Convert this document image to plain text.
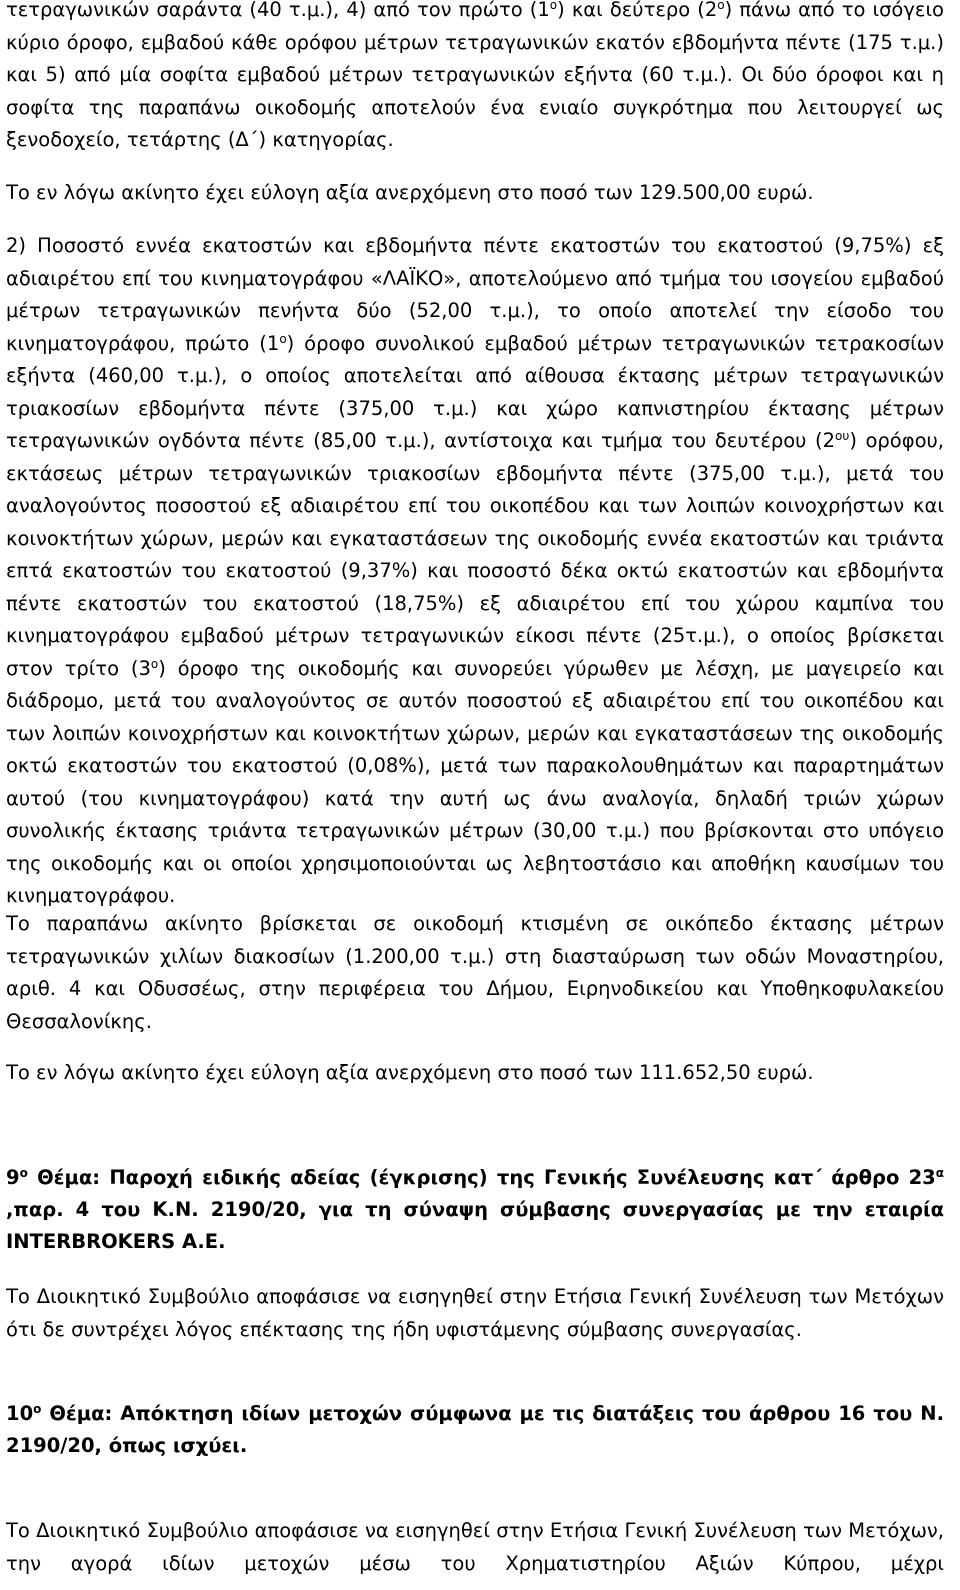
τετραγωνικών σαράντα (40 τ.μ.), 4) από τον πρώτο $(1^o)$ και δεύτερο $(2^o)$ πάνω από το ισόγειο κύριο όροφο, εμβαδού κάθε ορόφου μέτρων τετραγωνικών εκατόν εβδομήντα πέντε (175 τ.μ.) και 5) από μία σοφίτα εμβαδού μέτρων τετραγωνικών εξήντα (60 τ.μ.). Οι δύο όροφοι και η σοφίτα της παραπάνω οικοδομής αποτελούν ένα ενιαίο συγκρότημα που λειτουργεί ως ξενοδοχείο, τετάρτης (Δ΄) κατηγορίας.

Το εν λόγω ακίνητο έχει εύλογη αξία ανερχόμενη στο ποσό των 129.500,00 ευρώ.

2) Ποσοστό εννέα εκατοστών και εβδομήντα πέντε εκατοστών του εκατοστού (9,75%) εξ αδιαιρέτου επί του κινηματογράφου «ΛΑΪΚΟ», αποτελούμενο από τμήμα του ισογείου εμβαδού μέτρων τετραγωνικών πενήντα δύο (52,00 τ.μ.), το οποίο αποτελεί την είσοδο του κινηματογράφου, πρώτο $(1^o)$ όροφο συνολικού εμβαδού μέτρων τετραγωνικών τετρακοσίων εξήντα (460,00 τ.μ.), ο οποίος αποτελείται από αίθουσα έκτασης μέτρων τετραγωνικών τριακοσίων εβδομήντα πέντε (375,00 τ.μ.) και χώρο καπνιστηρίου έκτασης μέτρων τετραγωνικών ογδόντα πέντε (85,00 τ.μ.), αντίστοιχα και τμήμα του δευτέρου $(2^{o\upsilon})$ ορόφου, εκτάσεως μέτρων τετραγωνικών τριακοσίων εβδομήντα πέντε (375,00 τ.μ.), μετά του αναλογούντος ποσοστού εξ αδιαιρέτου επί του οικοπέδου και των λοιπών κοινοχρήστων και κοινοκτήτων χώρων, μερών και εγκαταστάσεων της οικοδομής εννέα εκατοστών και τριάντα επτά εκατοστών του εκατοστού (9,37%) και ποσοστό δέκα οκτώ εκατοστών και εβδομήντα πέντε εκατοστών του εκατοστού (18,75%) εξ αδιαιρέτου επί του χώρου καμπίνα του κινηματογράφου εμβαδού μέτρων τετραγωνικών είκοσι πέντε (25τ.μ.), ο οποίος βρίσκεται στον τρίτο $(3^o)$ όροφο της οικοδομής και συνορεύει γύρωθεν με λέσχη, με μαγειρείο και διάδρομο, μετά του αναλογούντος σε αυτόν ποσοστού εξ αδιαιρέτου επί του οικοπέδου και των λοιπών κοινοχρήστων και κοινοκτήτων χώρων, μερών και εγκαταστάσεων της οικοδομής οκτώ εκατοστών του εκατοστού (0,08%), μετά των παρακολουθημάτων και παραρτημάτων αυτού (του κινηματογράφου) κατά την αυτή ως άνω αναλογία, δηλαδή τριών χώρων συνολικής έκτασης τριάντα τετραγωνικών μέτρων (30,00 τ.μ.) που βρίσκονται στο υπόγειο της οικοδομής και οι οποίοι χρησιμοποιούνται ως λεβητοστάσιο και αποθήκη καυσίμων του κινηματογράφου.

Το παραπάνω ακίνητο βρίσκεται σε οικοδομή κτισμένη σε οικόπεδο έκτασης μέτρων τετραγωνικών χιλίων διακοσίων (1.200,00 τ.μ.) στη διασταύρωση των οδών Μοναστηρίου, αριθ. 4 και Οδυσσέως, στην περιφέρεια του Δήμου, Ειρηνοδικείου και Υποθηκοφυλακείου Θεσσαλονίκης.

Το εν λόγω ακίνητο έχει εύλογη αξία ανερχόμενη στο ποσό των 111.652,50 ευρώ.

$9^o$ Θέμα: Παροχή ειδικής αδείας (έγκρισης) της Γενικής Συνέλευσης κατ΄ άρθρο $23^\alpha$ ,παρ. 4 του Κ.Ν. 2190/20, για τη σύναψη σύμβασης συνεργασίας με την εταιρία INTERBROKERS A.E.

Το Διοικητικό Συμβούλιο αποφάσισε να εισηγηθεί στην Ετήσια Γενική Συνέλευση των Μετόχων ότι δε συντρέχει λόγος επέκτασης της ήδη υφιστάμενης σύμβασης συνεργασίας.

$10^o$ Θέμα: Απόκτηση ιδίων μετοχών σύμφωνα με τις διατάξεις του άρθρου 16 του Ν. 2190/20, όπως ισχύει.

Το Διοικητικό Συμβούλιο αποφάσισε να εισηγηθεί στην Ετήσια Γενική Συνέλευση των Μετόχων, την αγορά ιδίων μετοχών μέσω του Χρηματιστηρίου Αξιών Κύπρου, μέχρι
